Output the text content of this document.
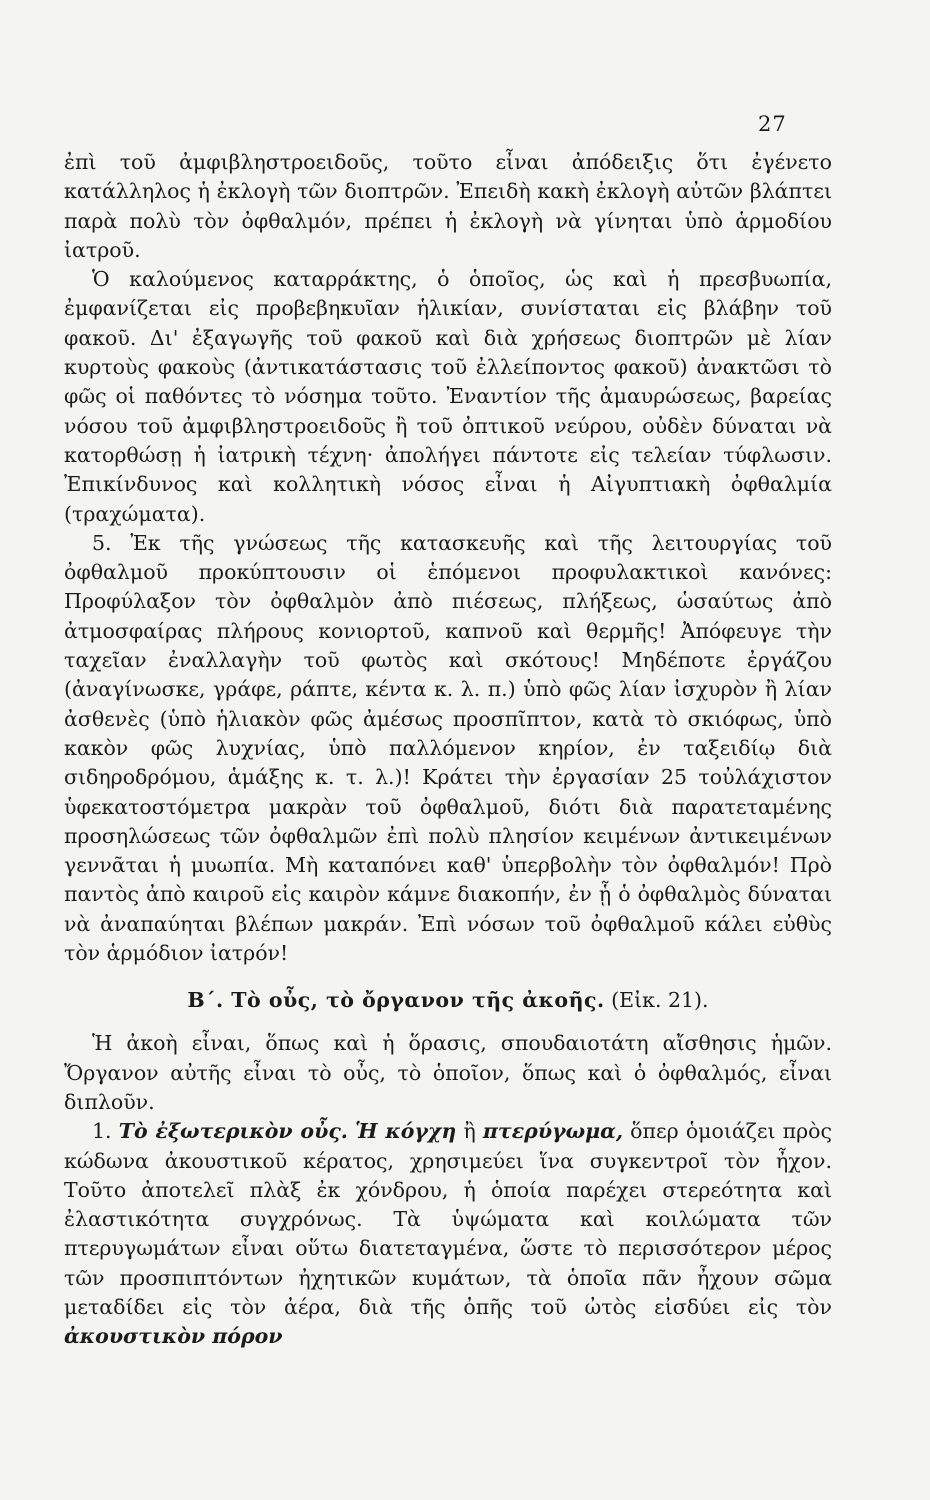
27

ἐπὶ τοῦ ἀμφιβληστροειδοῦς, τοῦτο εἶναι ἀπόδειξις ὅτι ἐγένετο κατάλληλος ἡ ἐκλογὴ τῶν διοπτρῶν. Ἐπειδὴ κακὴ ἐκλογὴ αὐτῶν βλάπτει παρὰ πολὺ τὸν ὀφθαλμόν, πρέπει ἡ ἐκλογὴ νὰ γίνηται ὑπὸ ἁρμοδίου ἰατροῦ.

Ὁ καλούμενος καταρράκτης, ὁ ὁποῖος, ὡς καὶ ἡ πρεσβυωπία, ἐμφανίζεται εἰς προβεβηκυῖαν ἡλικίαν, συνίσταται εἰς βλάβην τοῦ φακοῦ. Δι' ἐξαγωγῆς τοῦ φακοῦ καὶ διὰ χρήσεως διοπτρῶν μὲ λίαν κυρτοὺς φακοὺς (ἀντικατάστασις τοῦ ἐλλείποντος φακοῦ) ἀνακτῶσι τὸ φῶς οἱ παθόντες τὸ νόσημα τοῦτο. Ἐναντίον τῆς ἀμαυρώσεως, βαρείας νόσου τοῦ ἀμφιβληστροειδοῦς ἢ τοῦ ὀπτικοῦ νεύρου, οὐδὲν δύναται νὰ κατορθώσῃ ἡ ἰατρικὴ τέχνη· ἀπολήγει πάντοτε εἰς τελείαν τύφλωσιν. Ἐπικίνδυνος καὶ κολλητικὴ νόσος εἶναι ἡ Αἰγυπτιακὴ ὀφθαλμία (τραχώματα).

5. Ἐκ τῆς γνώσεως τῆς κατασκευῆς καὶ τῆς λειτουργίας τοῦ ὀφθαλμοῦ προκύπτουσιν οἱ ἑπόμενοι προφυλακτικοὶ κανόνες: Προφύλαξον τὸν ὀφθαλμὸν ἀπὸ πιέσεως, πλήξεως, ὡσαύτως ἀπὸ ἀτμοσφαίρας πλήρους κονιορτοῦ, καπνοῦ καὶ θερμῆς! Ἀπόφευγε τὴν ταχεῖαν ἐναλλαγὴν τοῦ φωτὸς καὶ σκότους! Μηδέποτε ἐργάζου (ἀναγίνωσκε, γράφε, ράπτε, κέντα κ. λ. π.) ὑπὸ φῶς λίαν ἰσχυρὸν ἢ λίαν ἀσθενὲς (ὑπὸ ἡλιακὸν φῶς ἀμέσως προσπῖπτον, κατὰ τὸ σκιόφως, ὑπὸ κακὸν φῶς λυχνίας, ὑπὸ παλλόμενον κηρίον, ἐν ταξειδίῳ διὰ σιδηροδρόμου, ἁμάξης κ. τ. λ.)! Κράτει τὴν ἐργασίαν 25 τοὐλάχιστον ὑφεκατοστόμετρα μακρὰν τοῦ ὀφθαλμοῦ, διότι διὰ παρατεταμένης προσηλώσεως τῶν ὀφθαλμῶν ἐπὶ πολὺ πλησίον κειμένων ἀντικειμένων γεννᾶται ἡ μυωπία. Μὴ καταπόνει καθ' ὑπερβολὴν τὸν ὀφθαλμόν! Πρὸ παντὸς ἀπὸ καιροῦ εἰς καιρὸν κάμνε διακοπήν, ἐν ᾗ ὁ ὀφθαλμὸς δύναται νὰ ἀναπαύηται βλέπων μακράν. Ἐπὶ νόσων τοῦ ὀφθαλμοῦ κάλει εὐθὺς τὸν ἁρμόδιον ἰατρόν!

Β΄. Τὸ οὖς, τὸ ὄργανον τῆς ἀκοῆς. (Εἰκ. 21).

Ἡ ἀκοὴ εἶναι, ὅπως καὶ ἡ ὅρασις, σπουδαιοτάτη αἴσθησις ἡμῶν. Ὄργανον αὐτῆς εἶναι τὸ οὖς, τὸ ὁποῖον, ὅπως καὶ ὁ ὀφθαλμός, εἶναι διπλοῦν.

1. Τὸ ἐξωτερικὸν οὖς. Ἡ κόγχη ἢ πτερύγωμα, ὅπερ ὁμοιάζει πρὸς κώδωνα ἀκουστικοῦ κέρατος, χρησιμεύει ἵνα συγκεντροῖ τὸν ἦχον. Τοῦτο ἀποτελεῖ πλὰξ ἐκ χόνδρου, ἡ ὁποία παρέχει στερεότητα καὶ ἐλαστικότητα συγχρόνως. Τὰ ὑψώματα καὶ κοιλώματα τῶν πτερυγωμάτων εἶναι οὕτω διατεταγμένα, ὥστε τὸ περισσότερον μέρος τῶν προσπιπτόντων ἠχητικῶν κυμάτων, τὰ ὁποῖα πᾶν ἦχουν σῶμα μεταδίδει εἰς τὸν ἀέρα, διὰ τῆς ὀπῆς τοῦ ὠτὸς εἰσδύει εἰς τὸν ἀκουστικὸν πόρον
